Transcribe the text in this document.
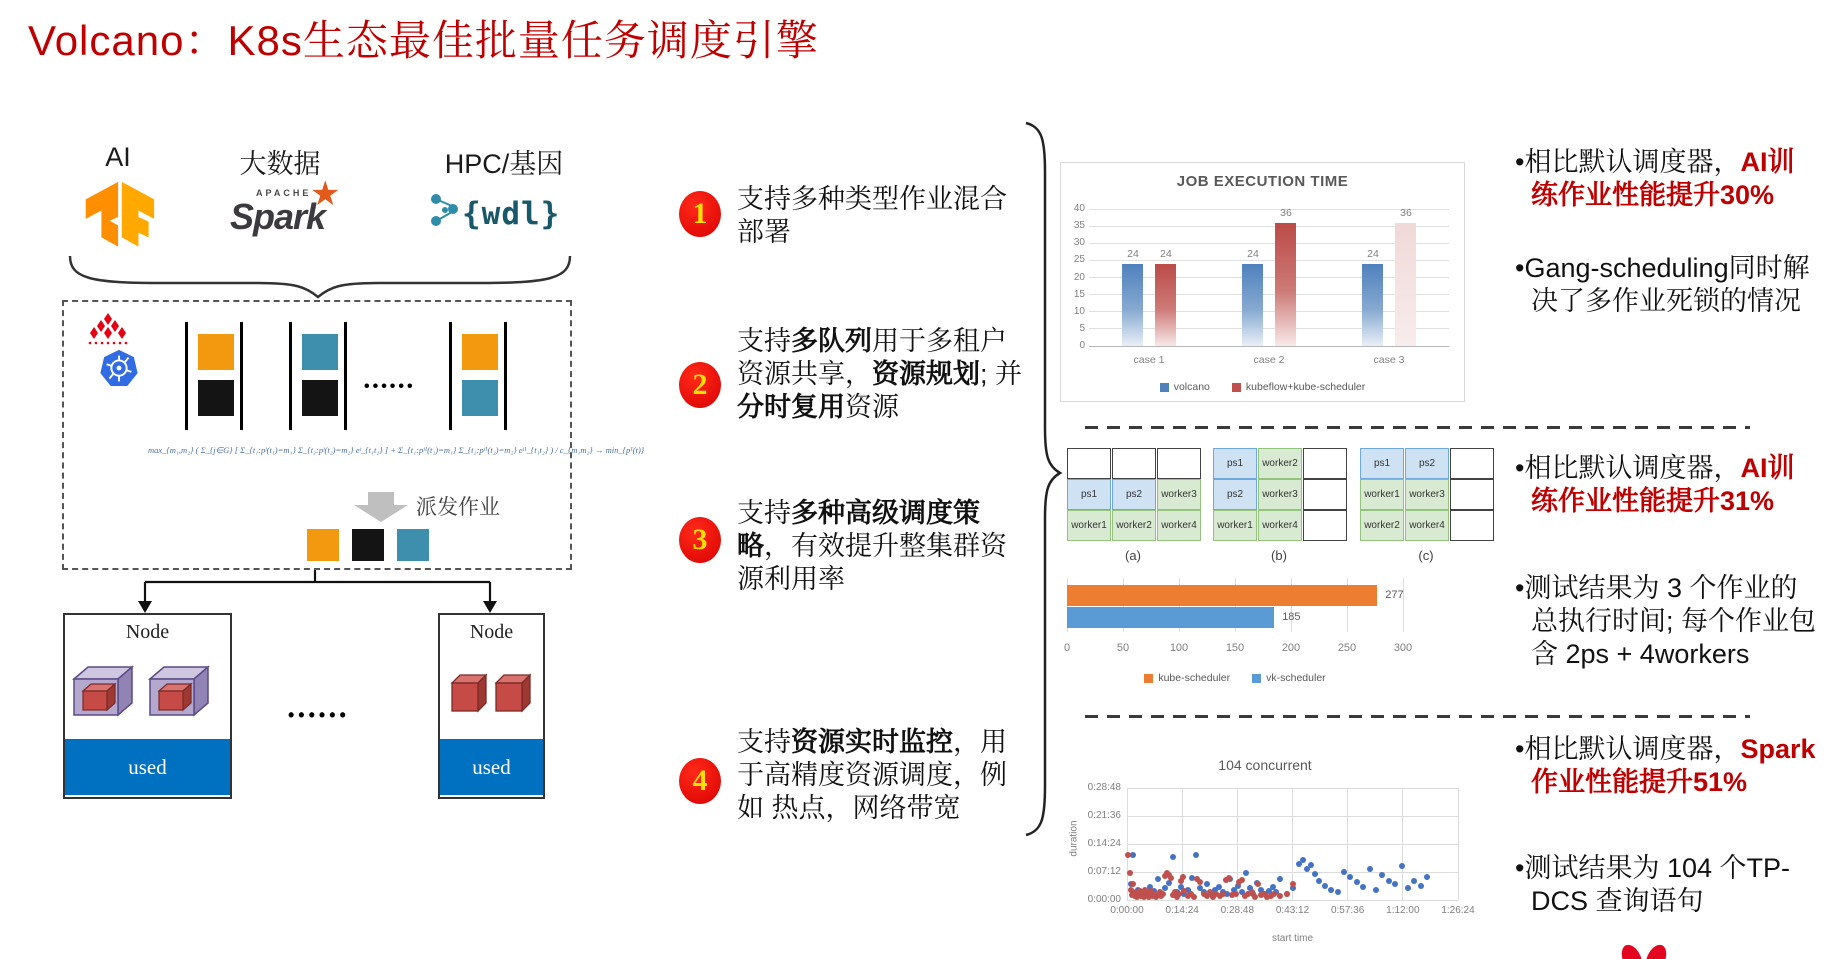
Volcano：K8s生态最佳批量任务调度引擎
AI	大数据	HPC/基因
APACHE
Spark
★
{wdl}
••••••
max_{m₁,m₂} ( Σ_{j∈G} [ Σ_{t₁:pʲ(t₁)=m₁} Σ_{t₂:pʲ(t₂)=m₂} eʲ_{t₁t₂} ] + Σ_{t₁:pʲ¹(t₁)=m₁} Σ_{t₂:pʲ¹(t₂)=m₂} eʲ¹_{t₁t₂} ) / c_{m₁m₂} → min_{p¹(t)}
派发作业
Node
used
Node
used
••••••
1	支持多种类型作业混合部署
2
支持多队列用于多租户资源共享，资源规划; 并分时复用资源
3
支持多种高级调度策略，有效提升整集群资源利用率
4
支持资源实时监控，用于高精度资源调度，例如 热点，网络带宽
•相比默认调度器，AI训练作业性能提升30%
•Gang-scheduling同时解决了多作业死锁的情况
•相比默认调度器，AI训练作业性能提升31%
•测试结果为 3 个作业的总执行时间; 每个作业包含 2ps + 4workers
•相比默认调度器，Spark作业性能提升51%
•测试结果为 104 个TP-DCS 查询语句
JOB EXECUTION TIME
0
5
10
15
20
25
30
35
40
case 1
24	24
case 2
24
36
case 3
24
36
volcano	kubeflow+kube-scheduler
ps1
worker1
ps2
worker2
worker3
worker4
(a)
ps1
ps2
worker1
worker2
worker3
worker4
(b)
ps1
worker1
worker2
ps2
worker3
worker4
(c)
0	50	100	150	200	250	300
277
185
kube-scheduler	vk-scheduler
104 concurrent
0:00:00
0:07:12
0:14:24
0:21:36
0:28:48
0:00:00	0:14:24	0:28:48	0:43:12	0:57:36	1:12:00	1:26:24
duration
start time
